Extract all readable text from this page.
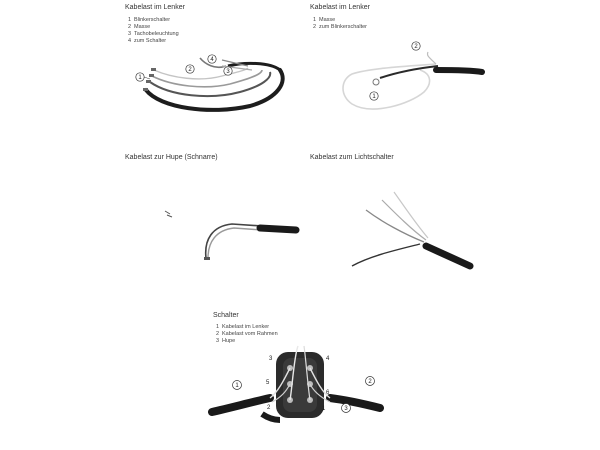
Kabelast im Lenker
1 Blinkerschalter
2 Masse
3 Tachobeleuchtung
4 zum Schalter
Kabelast im Lenker
1 Masse
2 zum Blinkerschalter
Kabelast zur Hupe (Schnarre)	Kabelast zum Lichtschalter
Schalter
1 Kabelast im Lenker
2 Kabelast vom Rahmen
3 Hupe
1
2	3
4
2
1
3	4
5
6
2	1
1
2
3
